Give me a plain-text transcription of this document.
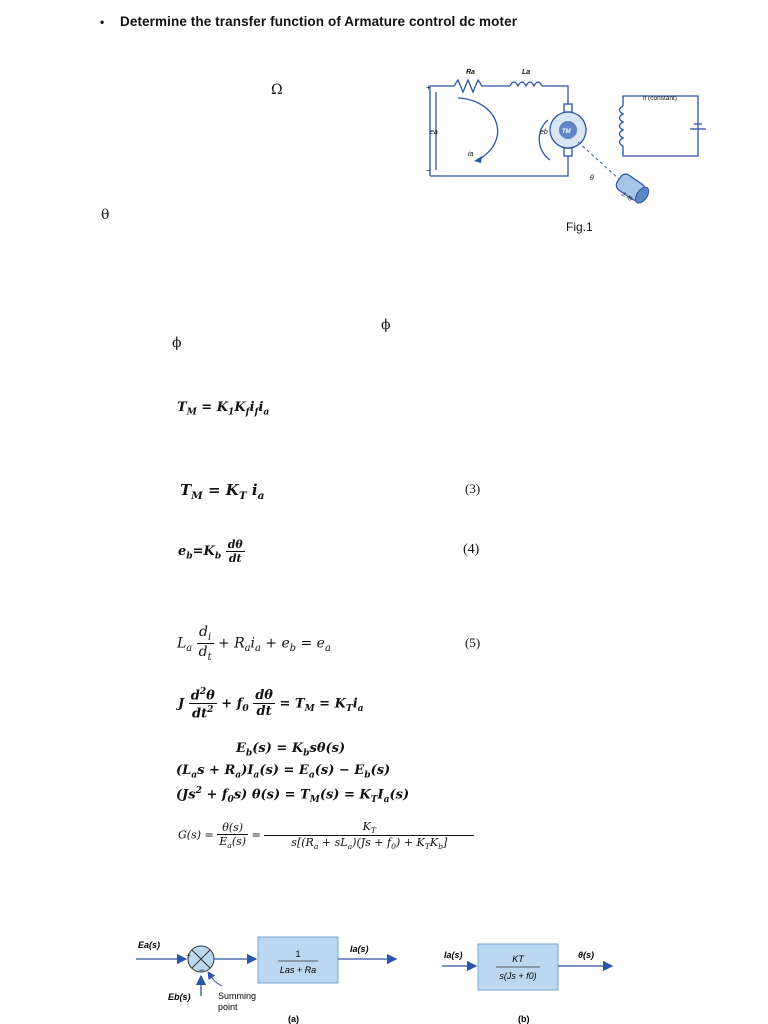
• Determine the transfer function of Armature control dc moter
Ω
θ
ϕ
ϕ
Ra	La
if (constant)
+
−
ea	eb
ia
TM
θ
J, f0
Fig.1
$T_M = K_1K_fi_fi_a$
$T_M = K_T$ $i_a$	(3)
$e_b=K_b \frac{d\theta}{dt}$	(4)
$L_a \frac{d_i}{d_t} + R_ai_a + e_b = e_a$	(5)
J $\frac{d^2\theta}{dt^2} + f_0 \frac{d\theta}{dt} = T_M = K_Ti_a$
$E_b(s) = K_bs\theta(s)$
$(L_as + R_a)I_a(s) = E_a(s) - E_b(s)$
$(Js^2 + f_0s) \theta(s) = T_M(s) = K_TI_a(s)$
$G(s) = \frac{\theta(s)}{E_a(s)} = \frac{K_T}{s[(R_a + sL_a)(Js + f_0) + K_TK_b]}$
Ea(s)
+
−
Eb(s)	Summing
point
1
Las + Ra
Ia(s)
(a)
Ia(s)	KT
s(Js + f0)
θ(s)
(b)
